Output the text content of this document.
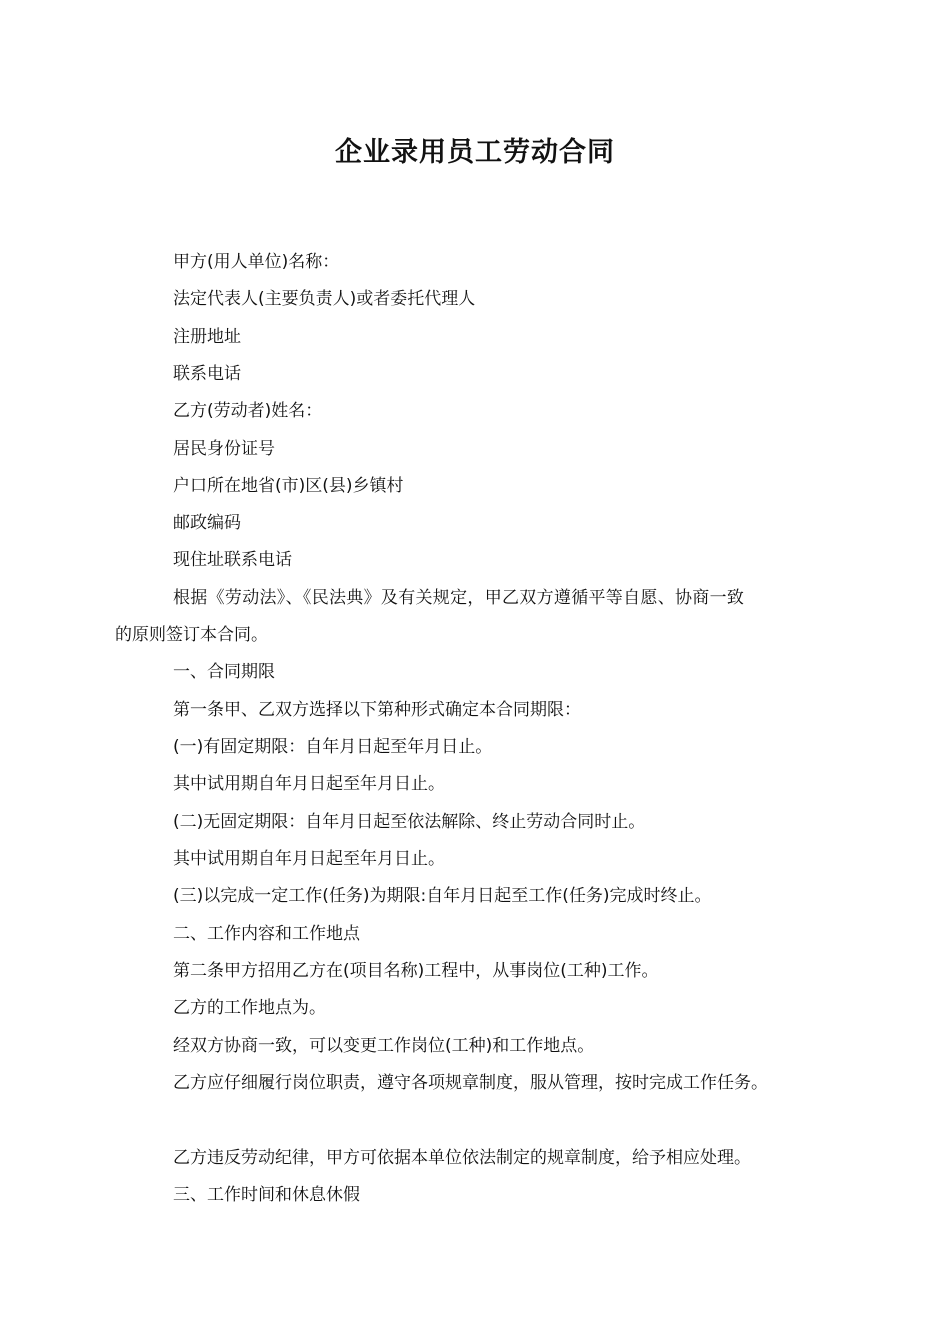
企业录用员工劳动合同

甲方(用人单位)名称：

法定代表人(主要负责人)或者委托代理人

注册地址

联系电话

乙方(劳动者)姓名：

居民身份证号

户口所在地省(市)区(县)乡镇村

邮政编码

现住址联系电话

根据《劳动法》、《民法典》及有关规定，甲乙双方遵循平等自愿、协商一致

的原则签订本合同。

一、合同期限

第一条甲、乙双方选择以下第种形式确定本合同期限：

(一)有固定期限：自年月日起至年月日止。

其中试用期自年月日起至年月日止。

(二)无固定期限：自年月日起至依法解除、终止劳动合同时止。

其中试用期自年月日起至年月日止。

(三)以完成一定工作(任务)为期限:自年月日起至工作(任务)完成时终止。

二、工作内容和工作地点

第二条甲方招用乙方在(项目名称)工程中，从事岗位(工种)工作。

乙方的工作地点为。

经双方协商一致，可以变更工作岗位(工种)和工作地点。

乙方应仔细履行岗位职责，遵守各项规章制度，服从管理，按时完成工作任务。

乙方违反劳动纪律，甲方可依据本单位依法制定的规章制度，给予相应处理。

三、工作时间和休息休假
